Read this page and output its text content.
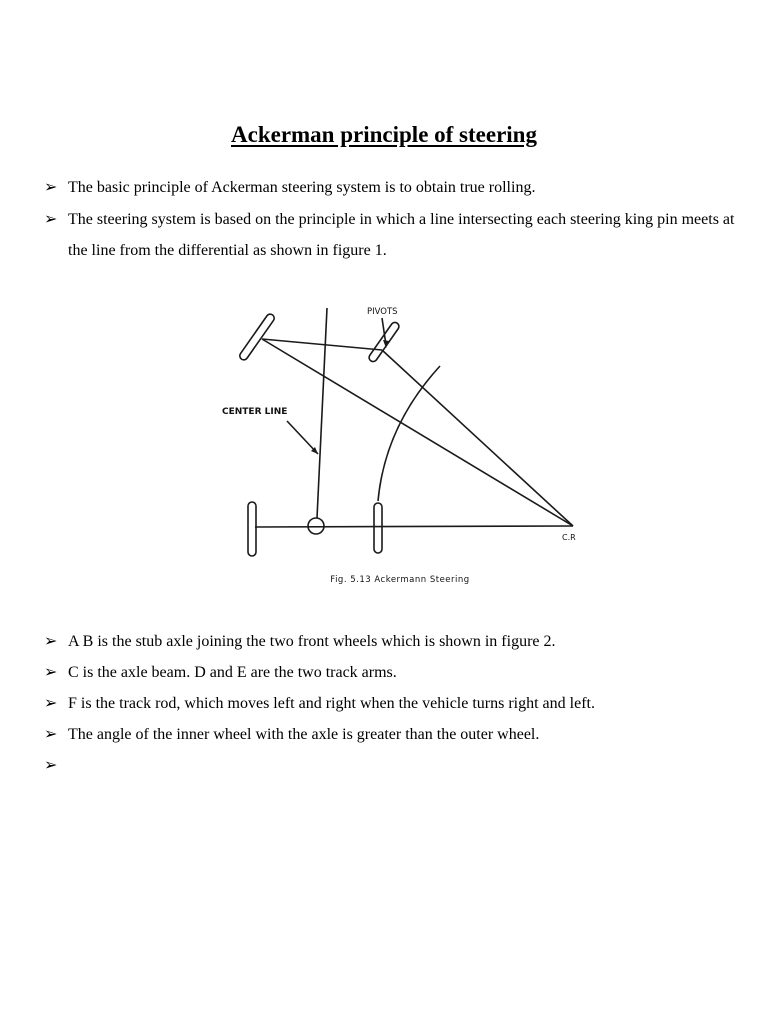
Ackerman principle of steering
➢ The basic principle of Ackerman steering system is to obtain true rolling.
➢ The steering system is based on the principle in which a line intersecting each steering king pin meets at the line from the differential as shown in figure 1.
PIVOTS
CENTER LINE
C.R
Fig. 5.13 Ackermann Steering
➢ A B is the stub axle joining the two front wheels which is shown in figure 2.
➢ C is the axle beam. D and E are the two track arms.
➢ F is the track rod, which moves left and right when the vehicle turns right and left.
➢ The angle of the inner wheel with the axle is greater than the outer wheel.
➢
